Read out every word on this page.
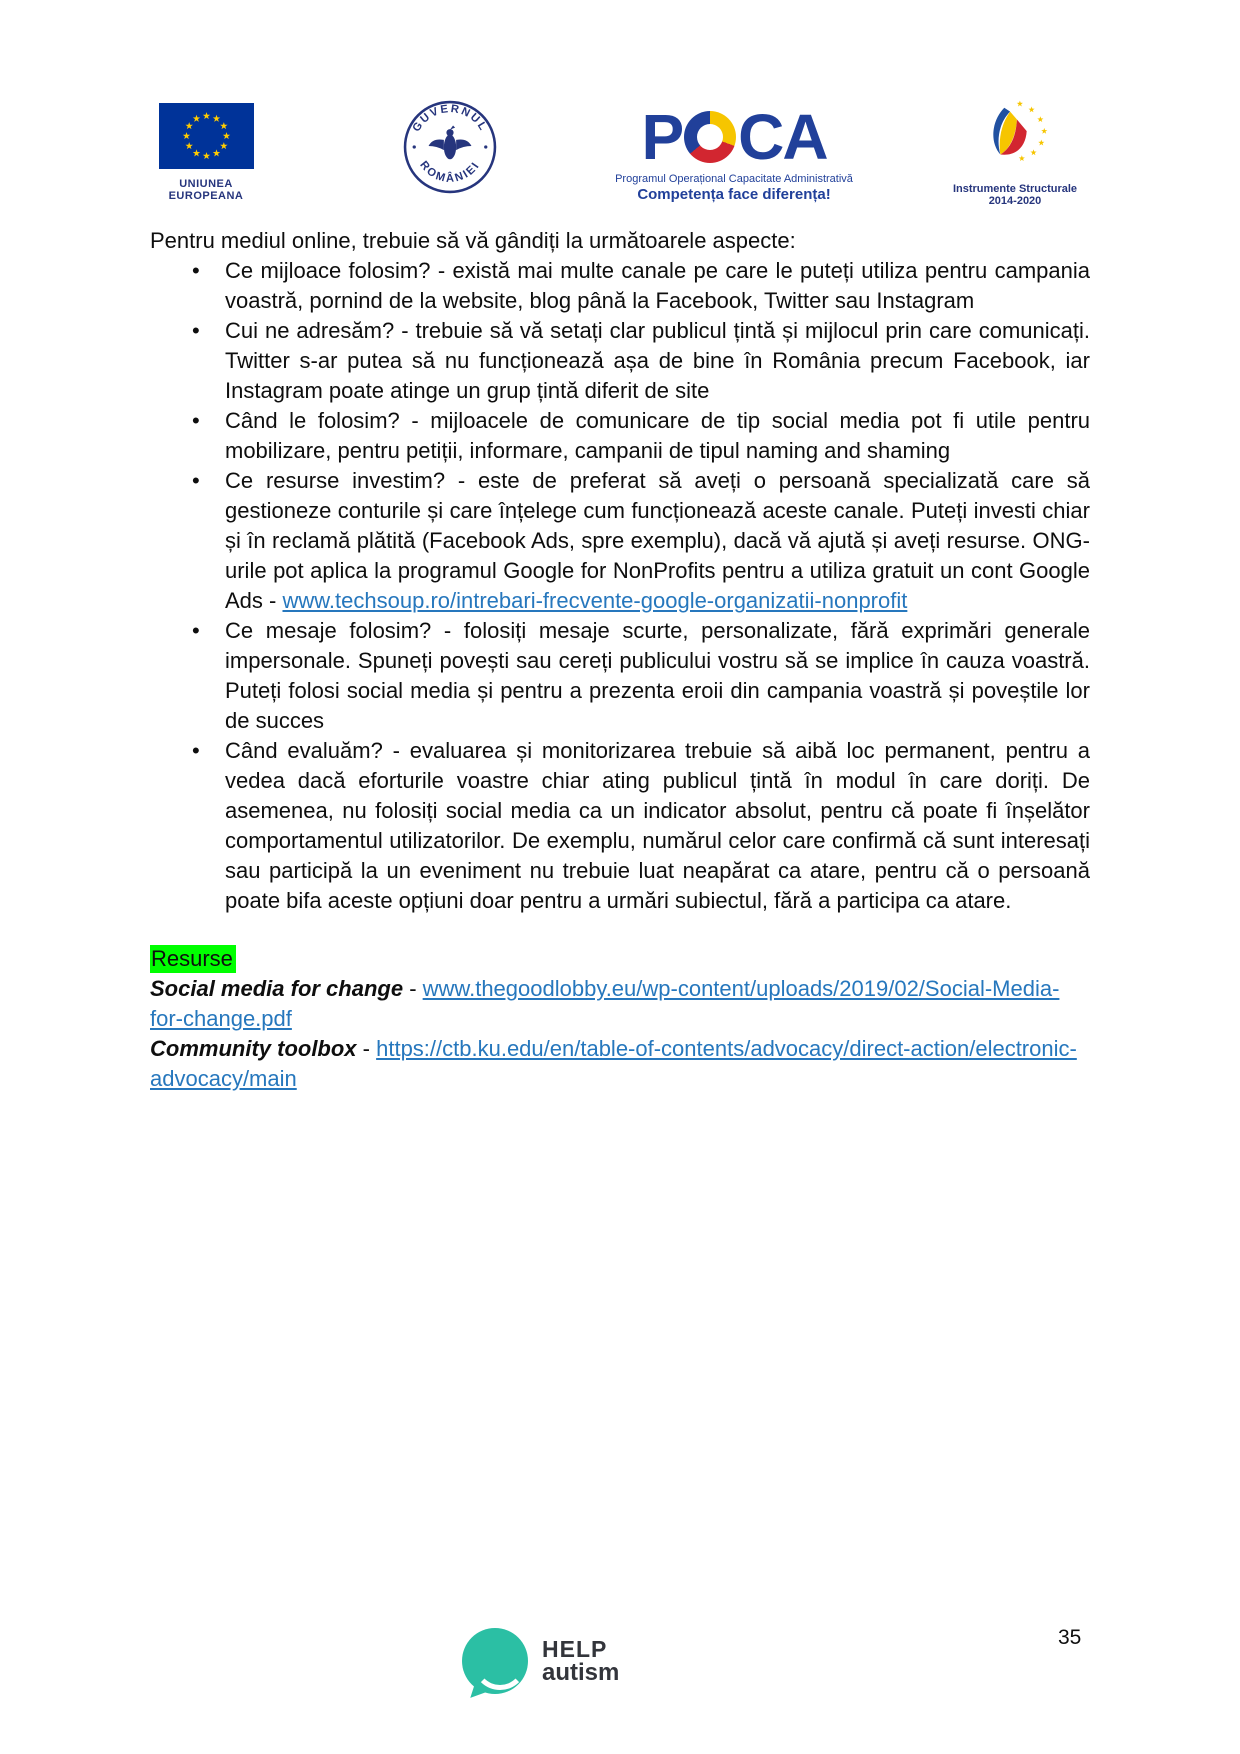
UNIUNEA EUROPEANA
GUVERNUL
ROMÂNIEI P CA
Programul Operațional Capacitate Administrativă
Competența face diferența!	Instrumente Structurale
2014-2020

Pentru mediul online, trebuie să vă gândiți la următoarele aspecte:

• Ce mijloace folosim? - există mai multe canale pe care le puteți utiliza pentru campania voastră, pornind de la website, blog până la Facebook, Twitter sau Instagram
• Cui ne adresăm? - trebuie să vă setați clar publicul țintă și mijlocul prin care comunicați. Twitter s-ar putea să nu funcționează așa de bine în România precum Facebook, iar Instagram poate atinge un grup țintă diferit de site
• Când le folosim? - mijloacele de comunicare de tip social media pot fi utile pentru mobilizare, pentru petiții, informare, campanii de tipul naming and shaming
• Ce resurse investim? - este de preferat să aveți o persoană specializată care să gestioneze conturile și care înțelege cum funcționează aceste canale. Puteți investi chiar și în reclamă plătită (Facebook Ads, spre exemplu), dacă vă ajută și aveți resurse. ONG-urile pot aplica la programul Google for NonProfits pentru a utiliza gratuit un cont Google Ads - www.techsoup.ro/intrebari-frecvente-google-organizatii-nonprofit
• Ce mesaje folosim? - folosiți mesaje scurte, personalizate, fără exprimări generale impersonale. Spuneți povești sau cereți publicului vostru să se implice în cauza voastră. Puteți folosi social media și pentru a prezenta eroii din campania voastră și poveștile lor de succes
• Când evaluăm? - evaluarea și monitorizarea trebuie să aibă loc permanent, pentru a vedea dacă eforturile voastre chiar ating publicul țintă în modul în care doriți. De asemenea, nu folosiți social media ca un indicator absolut, pentru că poate fi înșelător comportamentul utilizatorilor. De exemplu, numărul celor care confirmă că sunt interesați sau participă la un eveniment nu trebuie luat neapărat ca atare, pentru că o persoană poate bifa aceste opțiuni doar pentru a urmări subiectul, fără a participa ca atare.

Resurse

Social media for change - www.thegoodlobby.eu/wp-content/uploads/2019/02/Social-Media-for-change.pdf

Community toolbox - https://ctb.ku.edu/en/table-of-contents/advocacy/direct-action/electronic-advocacy/main

HELP
autism
35
